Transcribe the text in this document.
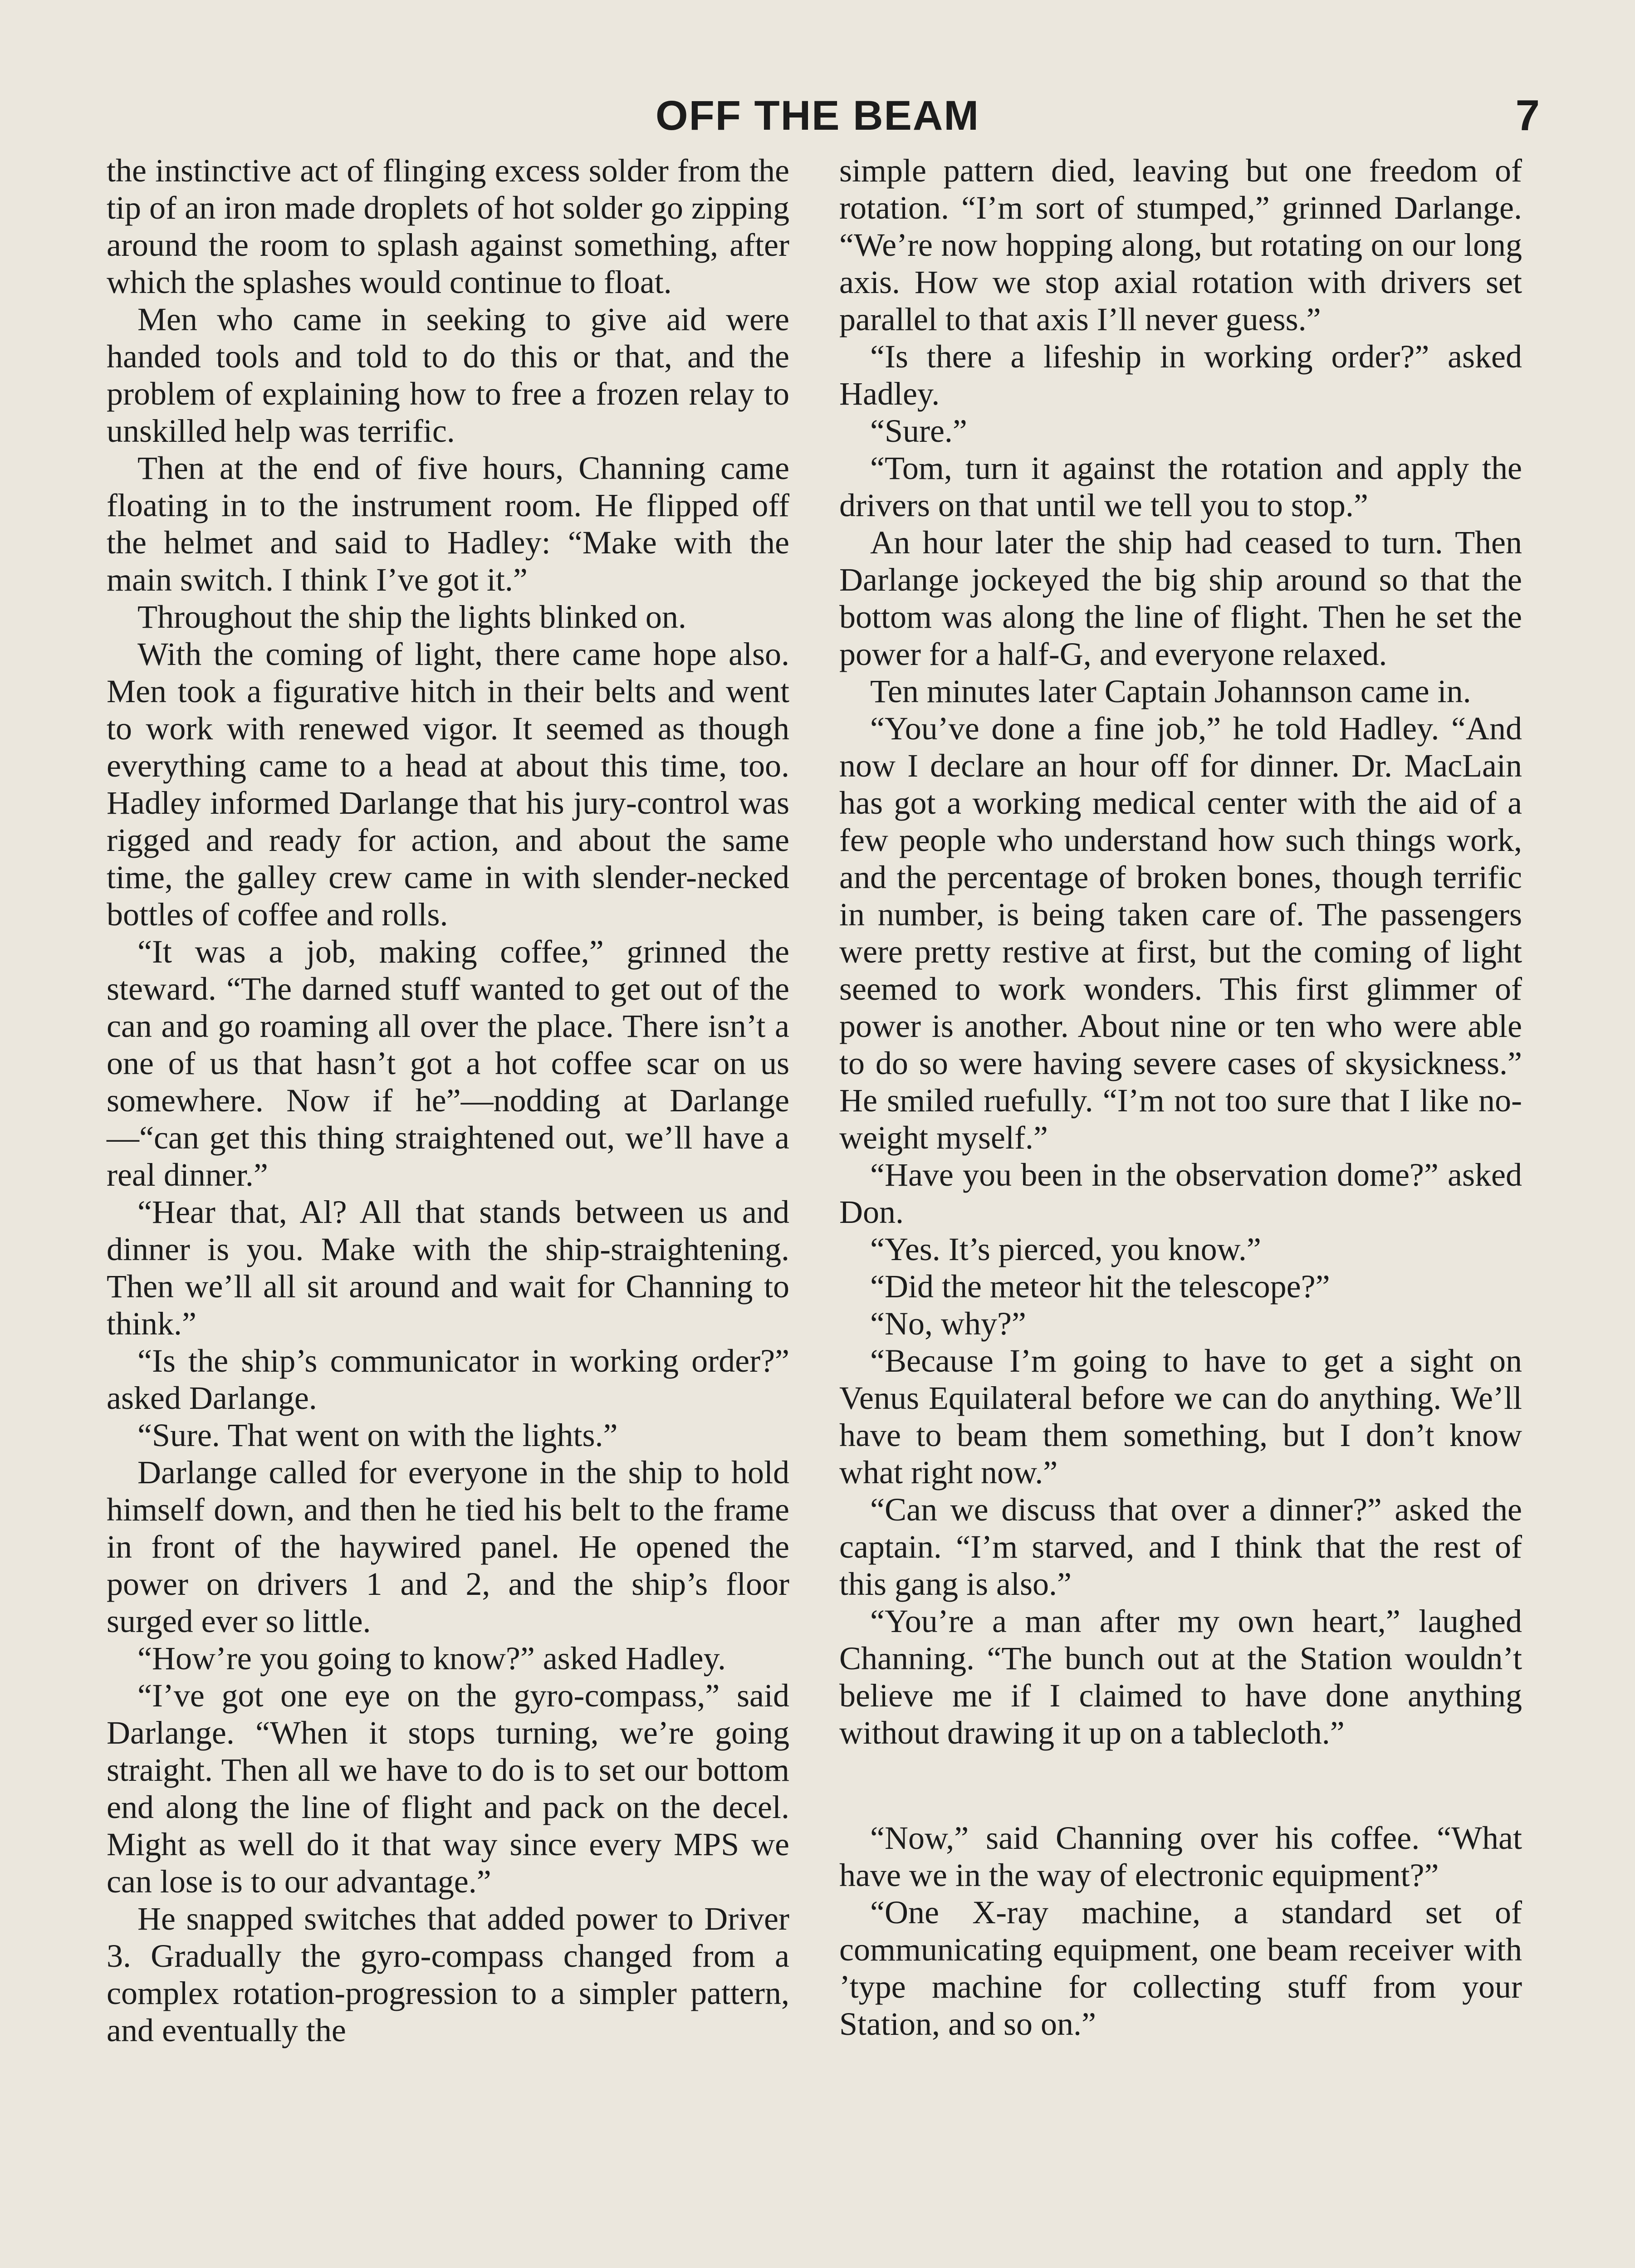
OFF THE BEAM	7

the instinctive act of flinging excess solder from the tip of an iron made droplets of hot solder go zipping around the room to splash against something, after which the splashes would continue to float.

Men who came in seeking to give aid were handed tools and told to do this or that, and the problem of explaining how to free a frozen relay to unskilled help was terrific.

Then at the end of five hours, Channing came floating in to the instrument room. He flipped off the helmet and said to Hadley: “Make with the main switch. I think I’ve got it.”

Throughout the ship the lights blinked on.

With the coming of light, there came hope also. Men took a figurative hitch in their belts and went to work with renewed vigor. It seemed as though everything came to a head at about this time, too. Hadley informed Darlange that his jury-control was rigged and ready for action, and about the same time, the galley crew came in with slender-necked bottles of coffee and rolls.

“It was a job, making coffee,” grinned the steward. “The darned stuff wanted to get out of the can and go roaming all over the place. There isn’t a one of us that hasn’t got a hot coffee scar on us somewhere. Now if he”—nodding at Darlange—“can get this thing straightened out, we’ll have a real dinner.”

“Hear that, Al? All that stands between us and dinner is you. Make with the ship-straightening. Then we’ll all sit around and wait for Channing to think.”

“Is the ship’s communicator in working order?” asked Darlange.

“Sure. That went on with the lights.”

Darlange called for everyone in the ship to hold himself down, and then he tied his belt to the frame in front of the haywired panel. He opened the power on drivers 1 and 2, and the ship’s floor surged ever so little.

“How’re you going to know?” asked Hadley.

“I’ve got one eye on the gyro-compass,” said Darlange. “When it stops turning, we’re going straight. Then all we have to do is to set our bottom end along the line of flight and pack on the decel. Might as well do it that way since every MPS we can lose is to our advantage.”

He snapped switches that added power to Driver 3. Gradually the gyro-compass changed from a complex rotation-progression to a simpler pattern, and eventually the

simple pattern died, leaving but one freedom of rotation. “I’m sort of stumped,” grinned Darlange. “We’re now hopping along, but rotating on our long axis. How we stop axial rotation with drivers set parallel to that axis I’ll never guess.”

“Is there a lifeship in working order?” asked Hadley.

“Sure.”

“Tom, turn it against the rotation and apply the drivers on that until we tell you to stop.”

An hour later the ship had ceased to turn. Then Darlange jockeyed the big ship around so that the bottom was along the line of flight. Then he set the power for a half-G, and everyone relaxed.

Ten minutes later Captain Johannson came in.

“You’ve done a fine job,” he told Hadley. “And now I declare an hour off for dinner. Dr. MacLain has got a working medical center with the aid of a few people who understand how such things work, and the percentage of broken bones, though terrific in number, is being taken care of. The passengers were pretty restive at first, but the coming of light seemed to work wonders. This first glimmer of power is another. About nine or ten who were able to do so were having severe cases of skysickness.” He smiled ruefully. “I’m not too sure that I like no-weight myself.”

“Have you been in the observation dome?” asked Don.

“Yes. It’s pierced, you know.”

“Did the meteor hit the telescope?”

“No, why?”

“Because I’m going to have to get a sight on Venus Equilateral before we can do anything. We’ll have to beam them something, but I don’t know what right now.”

“Can we discuss that over a dinner?” asked the captain. “I’m starved, and I think that the rest of this gang is also.”

“You’re a man after my own heart,” laughed Channing. “The bunch out at the Station wouldn’t believe me if I claimed to have done anything without drawing it up on a tablecloth.”

“Now,” said Channing over his coffee. “What have we in the way of electronic equipment?”

“One X-ray machine, a standard set of communicating equipment, one beam receiver with ’type machine for collecting stuff from your Station, and so on.”
